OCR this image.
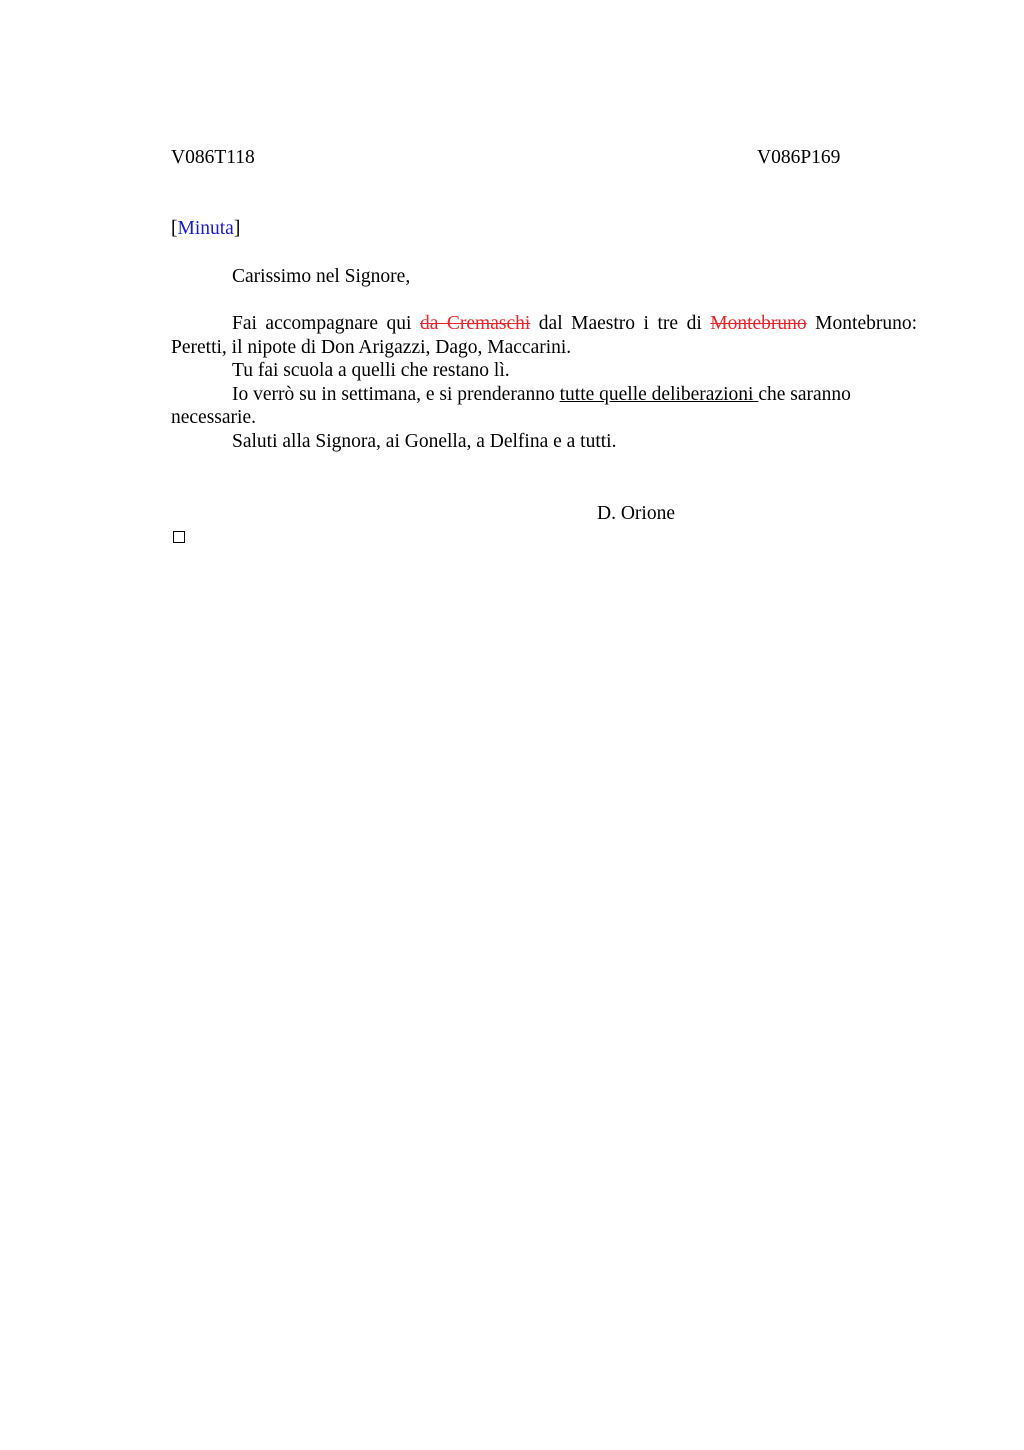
V086T118	V086P169
[Minuta]
Carissimo nel Signore,
Fai accompagnare qui da Cremaschi dal Maestro i tre di Montebruno Montebruno:
Peretti, il nipote di Don Arigazzi, Dago, Maccarini.
Tu fai scuola a quelli che restano lì.
Io verrò su in settimana, e si prenderanno tutte quelle deliberazioni che saranno
necessarie.
Saluti alla Signora, ai Gonella, a Delfina e a tutti.
D. Orione
